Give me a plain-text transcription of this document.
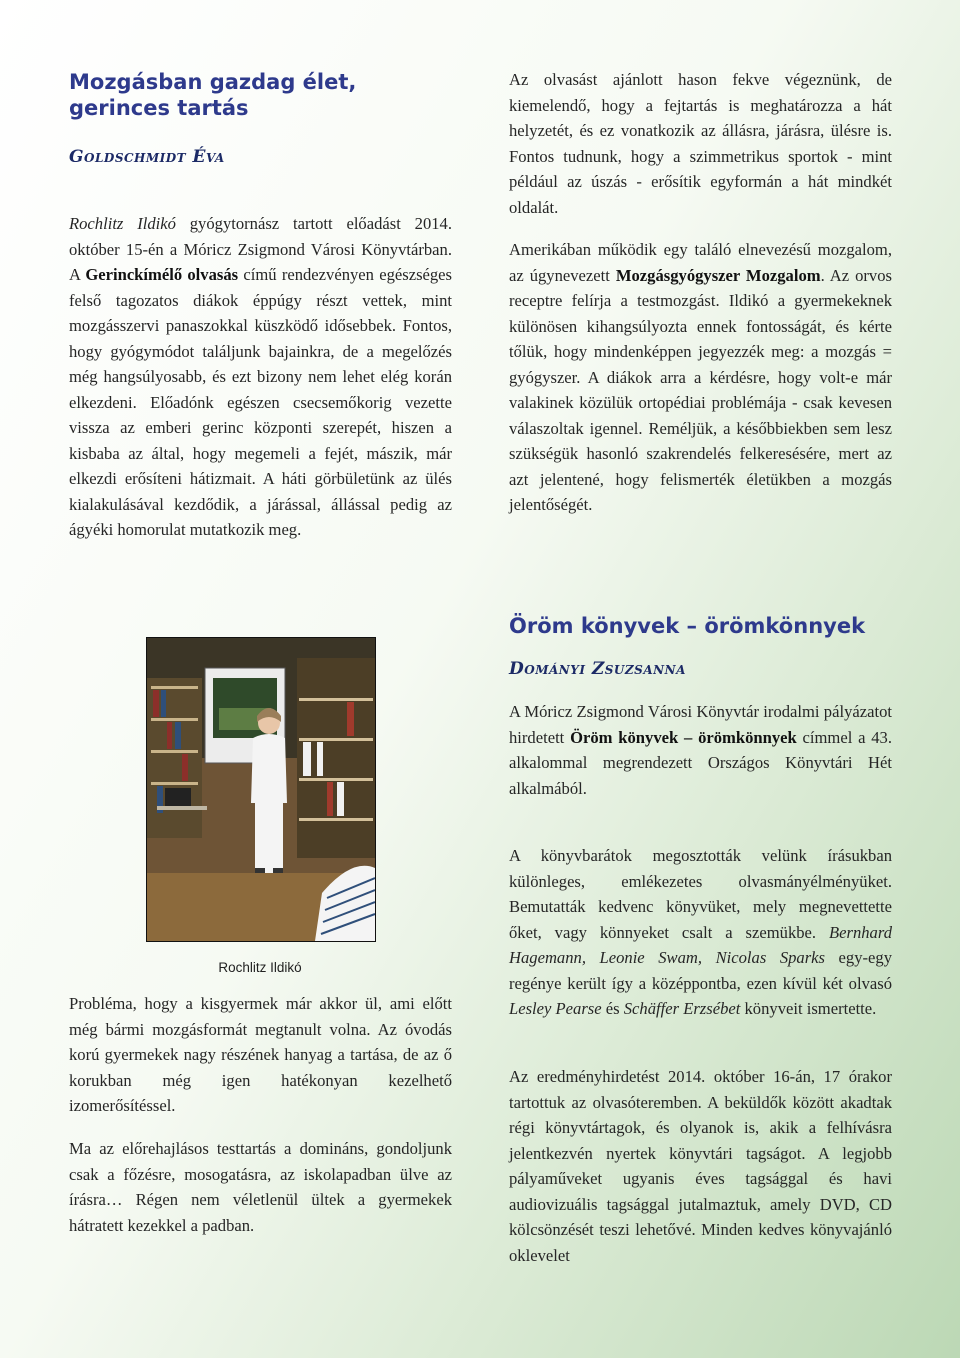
Mozgásban gazdag élet, gerinces tartás
Goldschmidt Éva

Rochlitz Ildikó gyógytornász tartott előadást 2014. október 15-én a Móricz Zsigmond Városi Könyvtárban. A Gerinckímélő olvasás című rendezvényen egészséges felső tagozatos diákok éppúgy részt vettek, mint mozgásszervi panaszokkal küszködő idősebbek. Fontos, hogy gyógymódot találjunk bajainkra, de a megelőzés még hangsúlyosabb, és ezt bizony nem lehet elég korán elkezdeni. Előadónk egészen csecsemőkorig vezette vissza az emberi gerinc központi szerepét, hiszen a kisbaba az által, hogy megemeli a fejét, mászik, már elkezdi erősíteni hátizmait. A háti görbületünk az ülés kialakulásával kezdődik, a járással, állással pedig az ágyéki homorulat mutatkozik meg.

Rochlitz Ildikó

Probléma, hogy a kisgyermek már akkor ül, ami előtt még bármi mozgásformát megtanult volna. Az óvodás korú gyermekek nagy részének hanyag a tartása, de az ő korukban még igen hatékonyan kezelhető izomerősítéssel.

Ma az előrehajlásos testtartás a domináns, gondoljunk csak a főzésre, mosogatásra, az iskolapadban ülve az írásra… Régen nem véletlenül ültek a gyermekek hátratett kezekkel a padban.

Az olvasást ajánlott hason fekve végeznünk, de kiemelendő, hogy a fejtartás is meghatározza a hát helyzetét, és ez vonatkozik az állásra, járásra, ülésre is. Fontos tudnunk, hogy a szimmetrikus sportok - mint például az úszás - erősítik egyformán a hát mindkét oldalát.

Amerikában működik egy találó elnevezésű mozgalom, az úgynevezett Mozgásgyógyszer Mozgalom. Az orvos receptre felírja a testmozgást. Ildikó a gyermekeknek különösen kihangsúlyozta ennek fontosságát, és kérte tőlük, hogy mindenképpen jegyezzék meg: a mozgás = gyógyszer. A diákok arra a kérdésre, hogy volt-e már valakinek közülük ortopédiai problémája - csak kevesen válaszoltak igennel. Reméljük, a későbbiekben sem lesz szükségük hasonló szakrendelés felkeresésére, mert az azt jelentené, hogy felismerték életükben a mozgás jelentőségét.

Öröm könyvek – örömkönnyek
Dományi Zsuzsanna

A Móricz Zsigmond Városi Könyvtár irodalmi pályázatot hirdetett Öröm könyvek – örömkönnyek címmel a 43. alkalommal megrendezett Országos Könyvtári Hét alkalmából.

A könyvbarátok megosztották velünk írásukban különleges, emlékezetes olvasmányélményüket. Bemutatták kedvenc könyvüket, mely megnevettette őket, vagy könnyeket csalt a szemükbe. Bernhard Hagemann, Leonie Swam, Nicolas Sparks egy-egy regénye került így a középpontba, ezen kívül két olvasó Lesley Pearse és Schäffer Erzsébet könyveit ismertette.

Az eredményhirdetést 2014. október 16-án, 17 órakor tartottuk az olvasóteremben. A beküldők között akadtak régi könyvtártagok, és olyanok is, akik a felhívásra jelentkezvén nyertek könyvtári tagságot. A legjobb pályaműveket ugyanis éves tagsággal és havi audiovizuális tagsággal jutalmaztuk, amely DVD, CD kölcsönzését teszi lehetővé. Minden kedves könyvajánló oklevelet
